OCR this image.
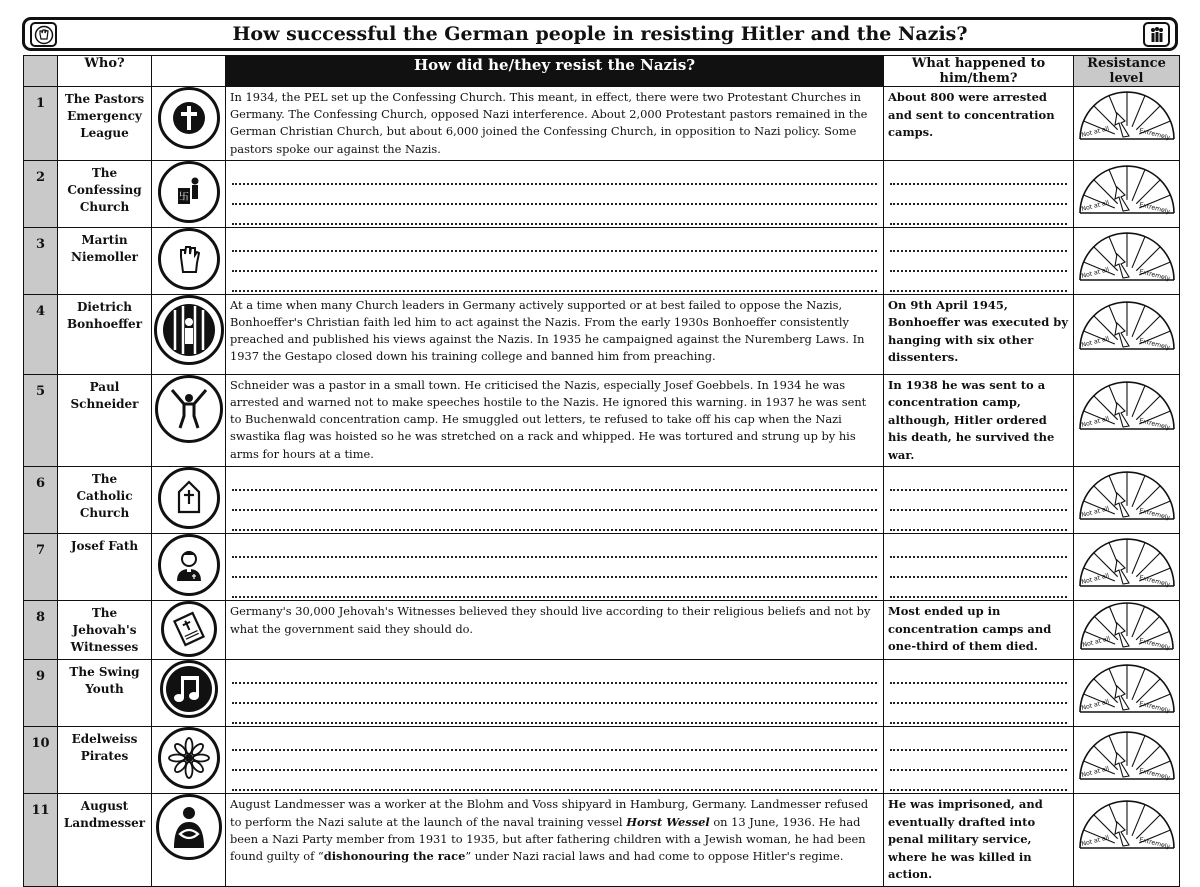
How successful the German people in resisting Hitler and the Nazis?
	Who?		How did he/they resist the Nazis?	What happened to him/them?	Resistance level
1	The Pastors Emergency League		In 1934, the PEL set up the Confessing Church. This meant, in effect, there were two Protestant Churches in Germany. The Confessing Church, opposed Nazi interference. About 2,000 Protestant pastors remained in the German Christian Church, but about 6,000 joined the Confessing Church, in opposition to Nazi policy. Some pastors spoke our against the Nazis.	About 800 were arrested and sent to concentration camps.	Not at all Extremely

2	The Confessing Church	卐			Not at all Extremely

3	Martin Niemoller				Not at all Extremely

4	Dietrich Bonhoeffer		At a time when many Church leaders in Germany actively supported or at best failed to oppose the Nazis, Bonhoeffer's Christian faith led him to act against the Nazis. From the early 1930s Bonhoeffer consistently preached and published his views against the Nazis. In 1935 he campaigned against the Nuremberg Laws. In 1937 the Gestapo closed down his training college and banned him from preaching.	On 9th April 1945, Bonhoeffer was executed by hanging with six other dissenters.	Not at all Extremely

5	Paul Schneider		Schneider was a pastor in a small town. He criticised the Nazis, especially Josef Goebbels. In 1934 he was arrested and warned not to make speeches hostile to the Nazis. He ignored this warning. in 1937 he was sent to Buchenwald concentration camp. He smuggled out letters, te refused to take off his cap when the Nazi swastika flag was hoisted so he was stretched on a rack and whipped. He was tortured and strung up by his arms for hours at a time.	In 1938 he was sent to a concentration camp, although, Hitler ordered his death, he survived the war.	Not at all Extremely

6	The Catholic Church				Not at all Extremely

7	Josef Fath				Not at all Extremely

8	The Jehovah's Witnesses		Germany's 30,000 Jehovah's Witnesses believed they should live according to their religious beliefs and not by what the government said they should do.	Most ended up in concentration camps and one-third of them died.	Not at all Extremely

9	The Swing Youth				Not at all Extremely

10	Edelweiss Pirates				Not at all Extremely

11	August Landmesser		August Landmesser was a worker at the Blohm and Voss shipyard in Hamburg, Germany. Landmesser refused to perform the Nazi salute at the launch of the naval training vessel Horst Wessel on 13 June, 1936. He had been a Nazi Party member from 1931 to 1935, but after fathering children with a Jewish woman, he had been found guilty of “dishonouring the race” under Nazi racial laws and had come to oppose Hitler's regime.	He was imprisoned, and eventually drafted into penal military service, where he was killed in action.	Not at all Extremely
